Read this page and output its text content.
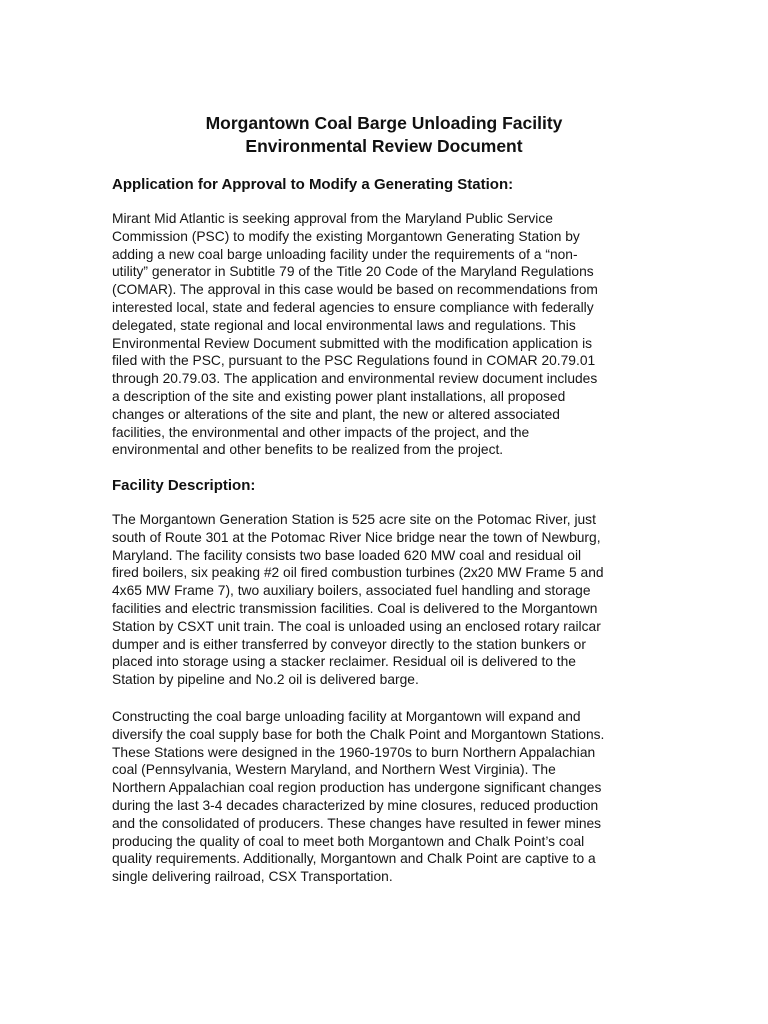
Morgantown Coal Barge Unloading Facility
Environmental Review Document
Application for Approval to Modify a Generating Station:
Mirant Mid Atlantic is seeking approval from the Maryland Public Service
Commission (PSC) to modify the existing Morgantown Generating Station by
adding a new coal barge unloading facility under the requirements of a “non-
utility” generator in Subtitle 79 of the Title 20 Code of the Maryland Regulations
(COMAR). The approval in this case would be based on recommendations from
interested local, state and federal agencies to ensure compliance with federally
delegated, state regional and local environmental laws and regulations. This
Environmental Review Document submitted with the modification application is
filed with the PSC, pursuant to the PSC Regulations found in COMAR 20.79.01
through 20.79.03. The application and environmental review document includes
a description of the site and existing power plant installations, all proposed
changes or alterations of the site and plant, the new or altered associated
facilities, the environmental and other impacts of the project, and the
environmental and other benefits to be realized from the project.
Facility Description:
The Morgantown Generation Station is 525 acre site on the Potomac River, just
south of Route 301 at the Potomac River Nice bridge near the town of Newburg,
Maryland. The facility consists two base loaded 620 MW coal and residual oil
fired boilers, six peaking #2 oil fired combustion turbines (2x20 MW Frame 5 and
4x65 MW Frame 7), two auxiliary boilers, associated fuel handling and storage
facilities and electric transmission facilities. Coal is delivered to the Morgantown
Station by CSXT unit train. The coal is unloaded using an enclosed rotary railcar
dumper and is either transferred by conveyor directly to the station bunkers or
placed into storage using a stacker reclaimer. Residual oil is delivered to the
Station by pipeline and No.2 oil is delivered barge.
Constructing the coal barge unloading facility at Morgantown will expand and
diversify the coal supply base for both the Chalk Point and Morgantown Stations.
These Stations were designed in the 1960-1970s to burn Northern Appalachian
coal (Pennsylvania, Western Maryland, and Northern West Virginia). The
Northern Appalachian coal region production has undergone significant changes
during the last 3-4 decades characterized by mine closures, reduced production
and the consolidated of producers. These changes have resulted in fewer mines
producing the quality of coal to meet both Morgantown and Chalk Point’s coal
quality requirements. Additionally, Morgantown and Chalk Point are captive to a
single delivering railroad, CSX Transportation.
